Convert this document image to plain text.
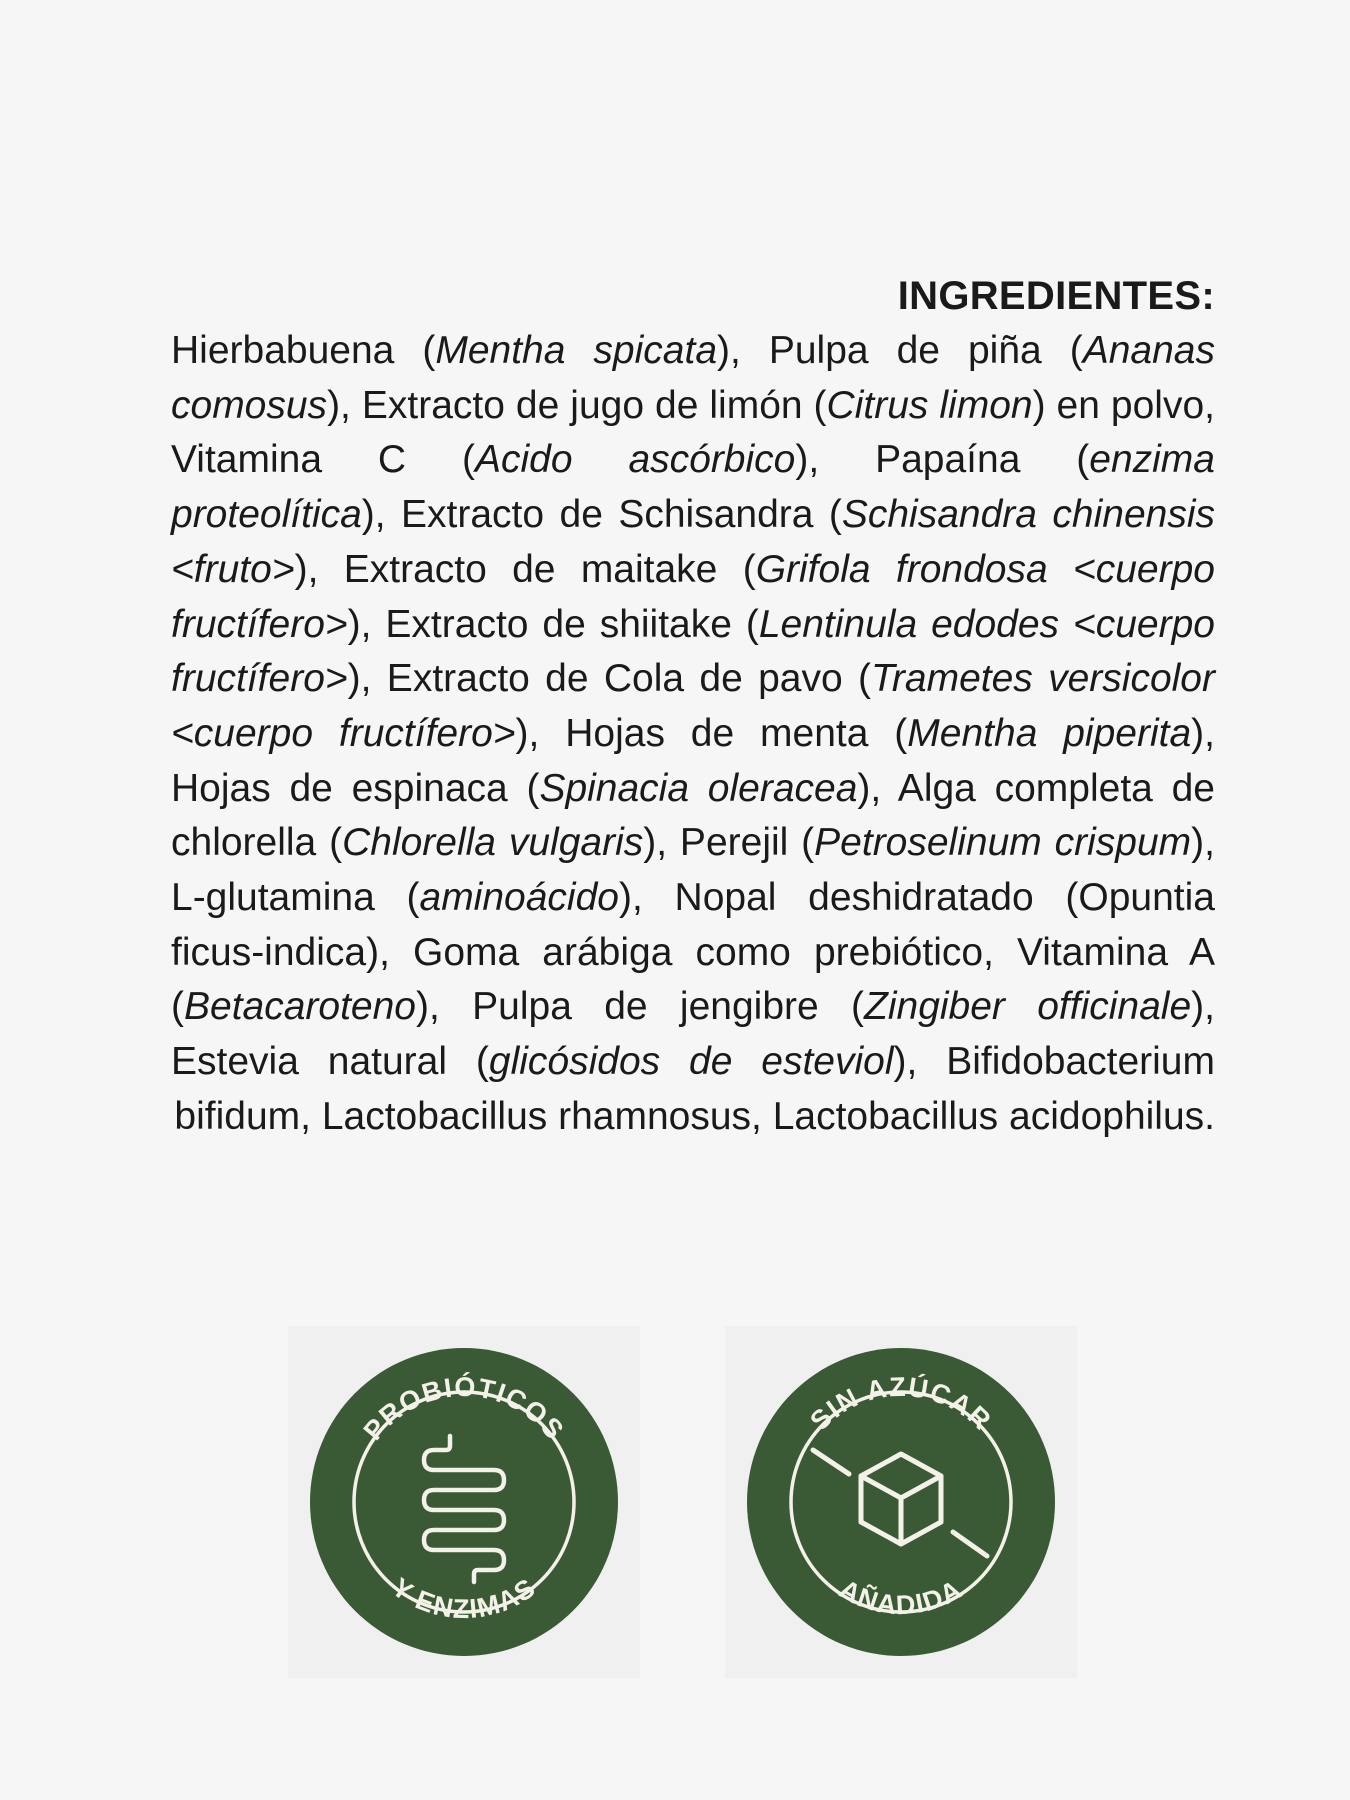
INGREDIENTES:

Hierbabuena (Mentha spicata), Pulpa de piña (Ananas comosus), Extracto de jugo de limón (Citrus limon) en polvo, Vitamina C (Acido ascórbico), Papaína (enzima proteolítica), Extracto de Schisandra (Schisandra chinensis <fruto>), Extracto de maitake (Grifola frondosa <cuerpo fructífero>), Extracto de shiitake (Lentinula edodes <cuerpo fructífero>), Extracto de Cola de pavo (Trametes versicolor <cuerpo fructífero>), Hojas de menta (Mentha piperita), Hojas de espinaca (Spinacia oleracea), Alga completa de chlorella (Chlorella vulgaris), Perejil (Petroselinum crispum), L-glutamina (aminoácido), Nopal deshidratado (Opuntia ficus-indica), Goma arábiga como prebiótico, Vitamina A (Betacaroteno), Pulpa de jengibre (Zingiber officinale), Estevia natural (glicósidos de esteviol), Bifidobacterium bifidum, Lactobacillus rhamnosus, Lactobacillus acidophilus.

PROBIÓTICOS
Y ENZIMAS
SIN AZÚCAR
AÑADIDA
